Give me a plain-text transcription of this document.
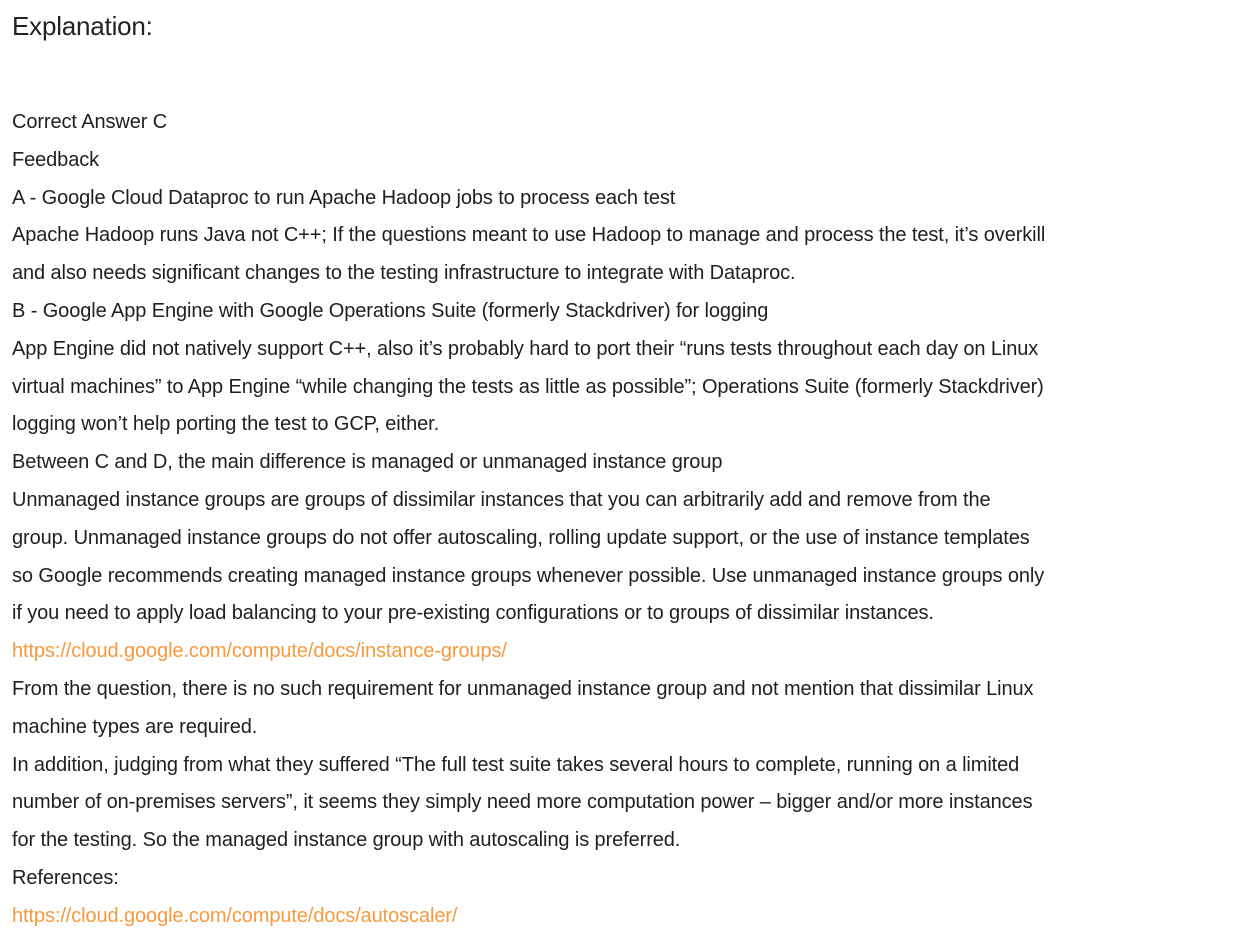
Explanation:
Correct Answer C
Feedback
A - Google Cloud Dataproc to run Apache Hadoop jobs to process each test
Apache Hadoop runs Java not C++; If the questions meant to use Hadoop to manage and process the test, it’s overkill
and also needs significant changes to the testing infrastructure to integrate with Dataproc.
B - Google App Engine with Google Operations Suite (formerly Stackdriver) for logging
App Engine did not natively support C++, also it’s probably hard to port their “runs tests throughout each day on Linux
virtual machines” to App Engine “while changing the tests as little as possible”; Operations Suite (formerly Stackdriver)
logging won’t help porting the test to GCP, either.
Between C and D, the main difference is managed or unmanaged instance group
Unmanaged instance groups are groups of dissimilar instances that you can arbitrarily add and remove from the
group. Unmanaged instance groups do not offer autoscaling, rolling update support, or the use of instance templates
so Google recommends creating managed instance groups whenever possible. Use unmanaged instance groups only
if you need to apply load balancing to your pre-existing configurations or to groups of dissimilar instances.
https://cloud.google.com/compute/docs/instance-groups/
From the question, there is no such requirement for unmanaged instance group and not mention that dissimilar Linux
machine types are required.
In addition, judging from what they suffered “The full test suite takes several hours to complete, running on a limited
number of on-premises servers”, it seems they simply need more computation power – bigger and/or more instances
for the testing. So the managed instance group with autoscaling is preferred.
References:
https://cloud.google.com/compute/docs/autoscaler/
